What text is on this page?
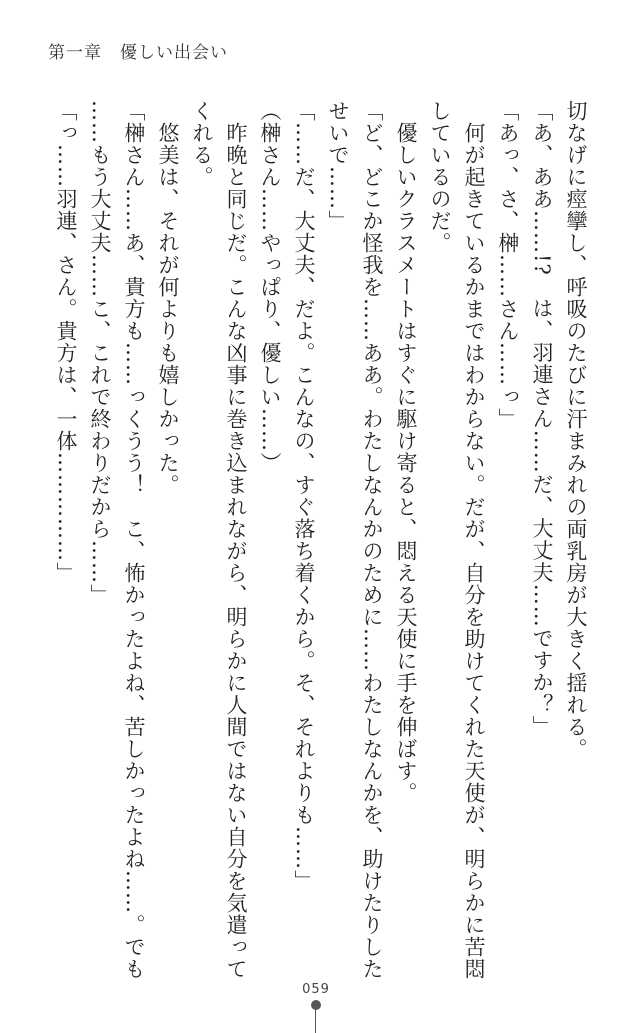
第一章　優しい出会い
切なげに痙攣し、呼吸のたびに汗まみれの両乳房が大きく揺れる。
「あ、ああ……!?　は、羽連さん……だ、大丈夫……ですか？」
「あっ、さ、榊……さん……っ」
　何が起きているかまではわからない。だが、自分を助けてくれた天使が、明らかに苦悶
しているのだ。
　優しいクラスメートはすぐに駆け寄ると、悶える天使に手を伸ばす。
「ど、どこか怪我を……ああ。わたしなんかのために……わたしなんかを、助けたりした
せいで……」
「……だ、大丈夫、だよ。こんなの、すぐ落ち着くから。そ、それよりも……」
（榊さん……やっぱり、優しい……）
　昨晩と同じだ。こんな凶事に巻き込まれながら、明らかに人間ではない自分を気遣って
くれる。
　悠美は、それが何よりも嬉しかった。
「榊さん……あ、貴方も……っくうう！　こ、怖かったよね、苦しかったよね……。でも
……もう大丈夫……こ、これで終わりだから……」
「っ……羽連、さん。貴方は、一体……………」
059
